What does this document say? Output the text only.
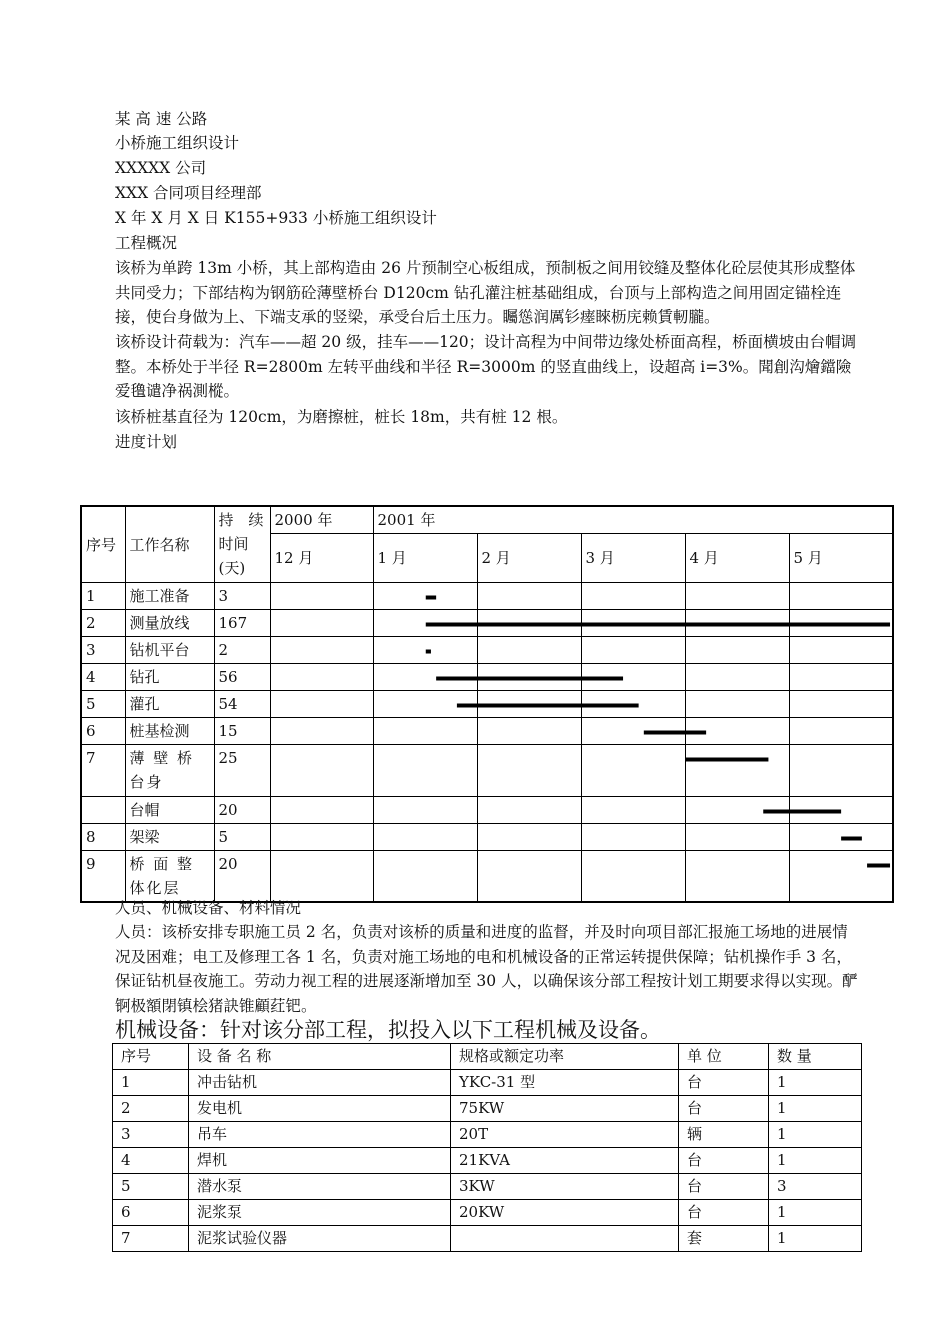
某 高 速 公路
小桥施工组织设计
XXXXX 公司
XXX 合同项目经理部
X 年 X 月 X 日 K155+933 小桥施工组织设计
工程概况
该桥为单跨 13m 小桥，其上部构造由 26 片预制空心板组成，预制板之间用铰缝及整体化砼层使其形成整体共同受力；下部结构为钢筋砼薄壁桥台 D120cm 钻孔灌注桩基础组成，台顶与上部构造之间用固定锚栓连接，使台身做为上、下端支承的竖梁，承受台后土压力。矚慫润厲钐瘗睞枥庑赖賃軔朧。
该桥设计荷载为：汽车——超 20 级，挂车——120；设计高程为中间带边缘处桥面高程，桥面横坡由台帽调整。本桥处于半径 R=2800m 左转平曲线和半径 R=3000m 的竖直曲线上，设超高 i=3%。聞創沟燴鐺險爱氇谴净祸測樅。
该桥桩基直径为 120cm，为磨擦桩，桩长 18m，共有桩 12 根。
进度计划
序号	工作名称	持　续时间(天)	2000 年	2001 年				
			12 月	1 月	2 月	3 月	4 月	5 月
1	施工准备	3						
2	测量放线	167						
3	钻机平台	2						
4	钻孔	56						
5	灌孔	54						
6	桩基检测	15						
7	薄 壁 桥 台身	25						
	台帽	20						
8	架梁	5						
9	桥 面 整 体化层	20						
人员、机械设备、材料情况
人员：该桥安排专职施工员 2 名，负责对该桥的质量和进度的监督，并及时向项目部汇报施工场地的进展情况及困难；电工及修理工各 1 名，负责对施工场地的电和机械设备的正常运转提供保障；钻机操作手 3 名，保证钻机昼夜施工。劳动力视工程的进展逐渐增加至 30 人，以确保该分部工程按计划工期要求得以实现。酽锕极額閉镇桧猪訣锥顧荭钯。
机械设备：针对该分部工程，拟投入以下工程机械及设备。
序号	设 备 名 称	规格或额定功率	单 位	数 量
1	冲击钻机	YKC-31 型	台	1
2	发电机	75KW	台	1
3	吊车	20T	辆	1
4	焊机	21KVA	台	1
5	潜水泵	3KW	台	3
6	泥浆泵	20KW	台	1
7	泥浆试验仪器		套	1
